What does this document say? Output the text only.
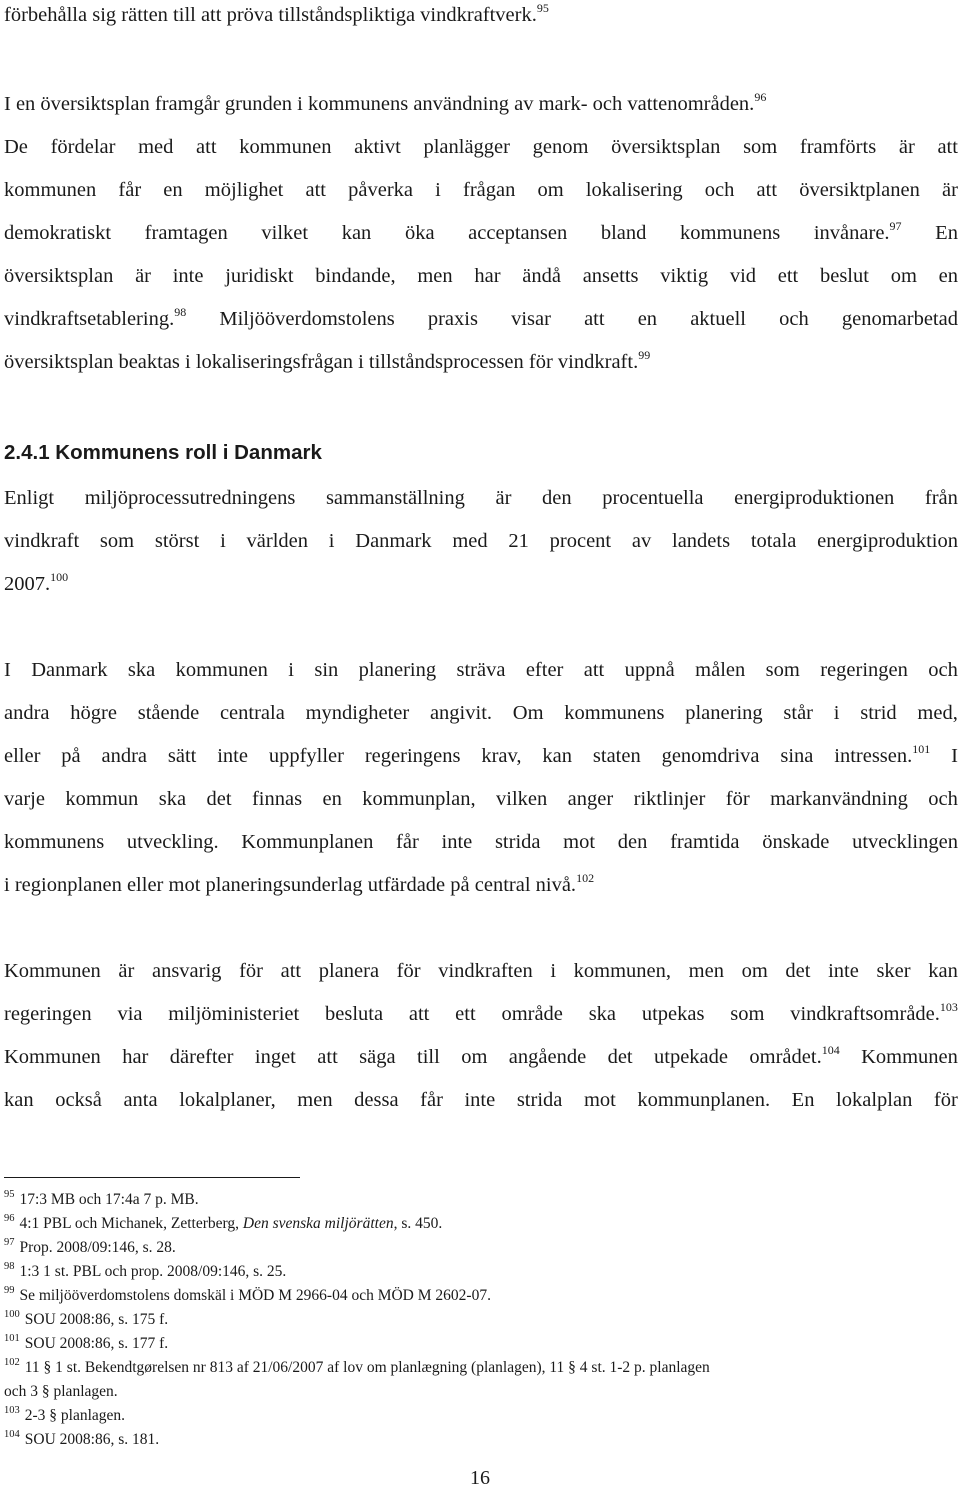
förbehålla sig rätten till att pröva tillståndspliktiga vindkraftverk.$^{95}$
I en översiktsplan framgår grunden i kommunens användning av mark- och vattenområden.$^{96}$
De fördelar med att kommunen aktivt planlägger genom översiktsplan som framförts är att
kommunen får en möjlighet att påverka i frågan om lokalisering och att översiktplanen är
demokratiskt framtagen vilket kan öka acceptansen bland kommunens invånare.$^{97}$ En
översiktsplan är inte juridiskt bindande, men har ändå ansetts viktig vid ett beslut om en
vindkraftsetablering.$^{98}$ Miljööverdomstolens praxis visar att en aktuell och genomarbetad
översiktsplan beaktas i lokaliseringsfrågan i tillståndsprocessen för vindkraft.$^{99}$
2.4.1 Kommunens roll i Danmark
Enligt miljöprocessutredningens sammanställning är den procentuella energiproduktionen från
vindkraft som störst i världen i Danmark med 21 procent av landets totala energiproduktion
2007.$^{100}$
I Danmark ska kommunen i sin planering sträva efter att uppnå målen som regeringen och
andra högre stående centrala myndigheter angivit. Om kommunens planering står i strid med,
eller på andra sätt inte uppfyller regeringens krav, kan staten genomdriva sina intressen.$^{101}$ I
varje kommun ska det finnas en kommunplan, vilken anger riktlinjer för markanvändning och
kommunens utveckling. Kommunplanen får inte strida mot den framtida önskade utvecklingen
i regionplanen eller mot planeringsunderlag utfärdade på central nivå.$^{102}$
Kommunen är ansvarig för att planera för vindkraften i kommunen, men om det inte sker kan
regeringen via miljöministeriet besluta att ett område ska utpekas som vindkraftsområde.$^{103}$
Kommunen har därefter inget att säga till om angående det utpekade området.$^{104}$ Kommunen
kan också anta lokalplaner, men dessa får inte strida mot kommunplanen. En lokalplan för
$^{95}$ 17:3 MB och 17:4a 7 p. MB.
$^{96}$ 4:1 PBL och Michanek, Zetterberg, Den svenska miljörätten, s. 450.
$^{97}$ Prop. 2008/09:146, s. 28.
$^{98}$ 1:3 1 st. PBL och prop. 2008/09:146, s. 25.
$^{99}$ Se miljööverdomstolens domskäl i MÖD M 2966-04 och MÖD M 2602-07.
$^{100}$ SOU 2008:86, s. 175 f.
$^{101}$ SOU 2008:86, s. 177 f.
$^{102}$ 11 § 1 st. Bekendtgørelsen nr 813 af 21/06/2007 af lov om planlægning (planlagen), 11 § 4 st. 1-2 p. planlagen
och 3 § planlagen.
$^{103}$ 2-3 § planlagen.
$^{104}$ SOU 2008:86, s. 181.
16
